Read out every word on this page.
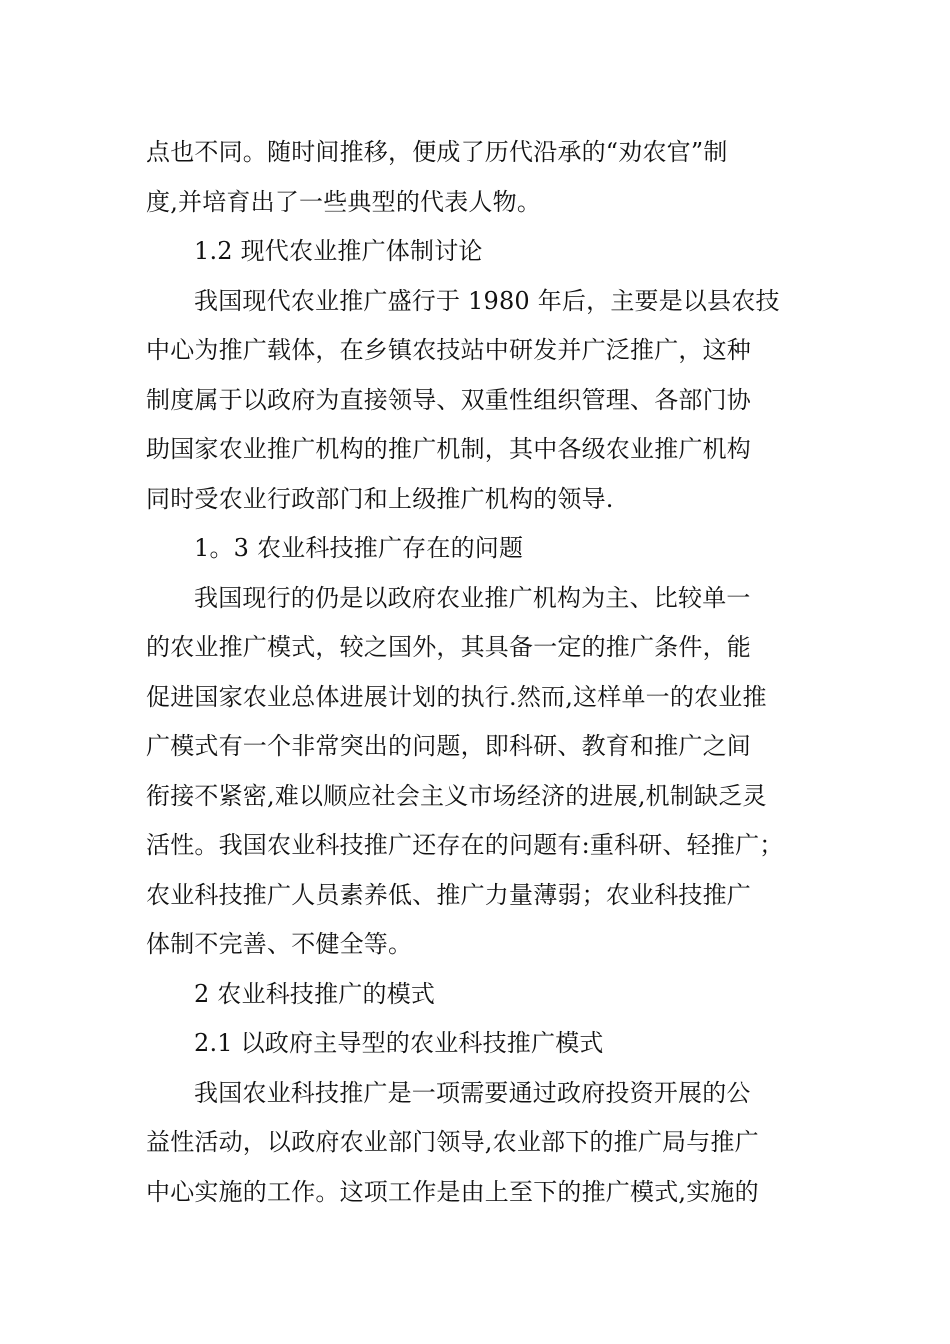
点也不同。随时间推移，便成了历代沿承的“劝农官”制
度,并培育出了一些典型的代表人物。

1.2 现代农业推广体制讨论

我国现代农业推广盛行于 1980 年后，主要是以县农技
中心为推广载体，在乡镇农技站中研发并广泛推广，这种
制度属于以政府为直接领导、双重性组织管理、各部门协
助国家农业推广机构的推广机制，其中各级农业推广机构
同时受农业行政部门和上级推广机构的领导.

1。3 农业科技推广存在的问题

我国现行的仍是以政府农业推广机构为主、比较单一
的农业推广模式，较之国外，其具备一定的推广条件，能
促进国家农业总体进展计划的执行.然而,这样单一的农业推
广模式有一个非常突出的问题，即科研、教育和推广之间
衔接不紧密,难以顺应社会主义市场经济的进展,机制缺乏灵
活性。我国农业科技推广还存在的问题有:重科研、轻推广；
农业科技推广人员素养低、推广力量薄弱；农业科技推广
体制不完善、不健全等。

2 农业科技推广的模式

2.1 以政府主导型的农业科技推广模式

我国农业科技推广是一项需要通过政府投资开展的公
益性活动，以政府农业部门领导,农业部下的推广局与推广
中心实施的工作。这项工作是由上至下的推广模式,实施的
